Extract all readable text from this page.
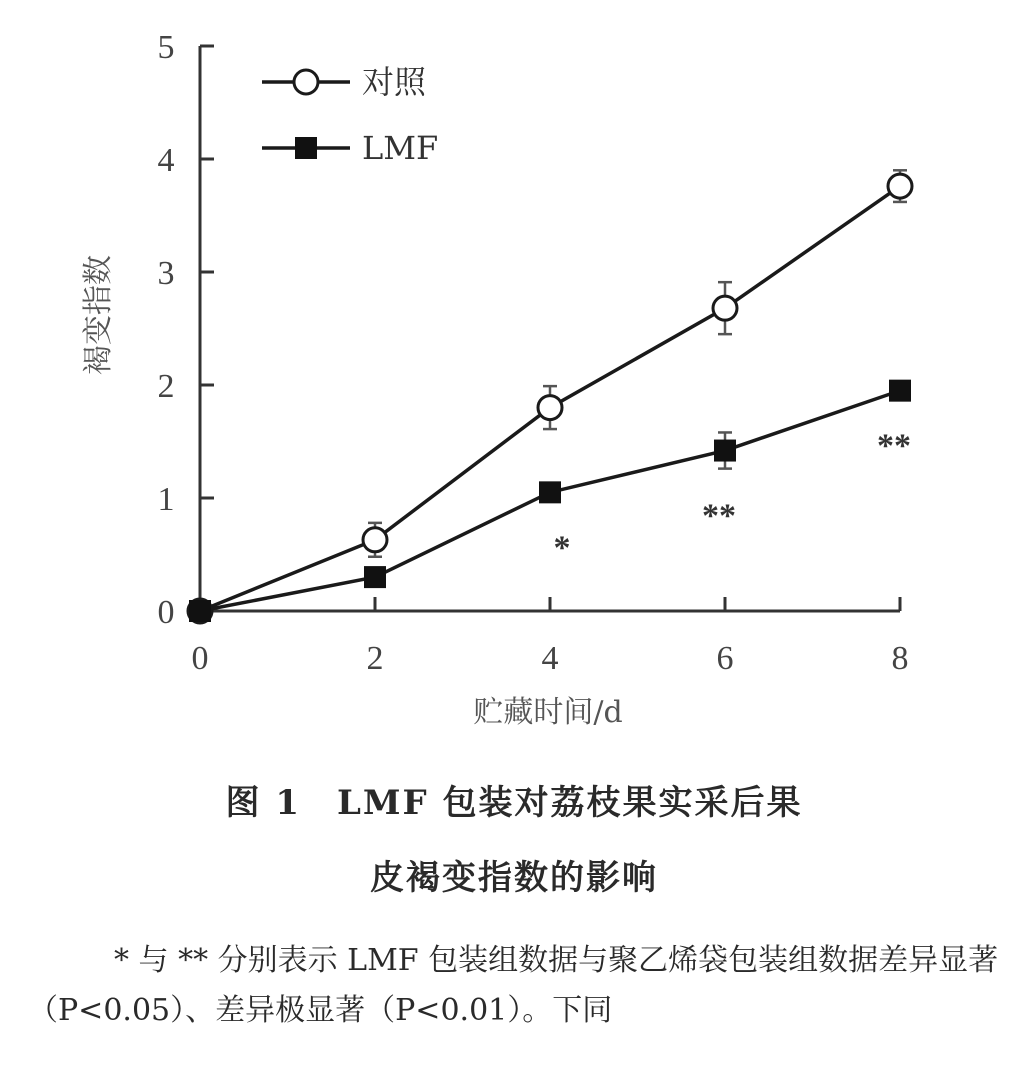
0
1
2
3
4
5
0	2	4	6	8
*
**
**
对照
LMF
贮藏时间/d
褐变指数
图 1　LMF 包装对荔枝果实采后果
皮褐变指数的影响
* 与 ** 分别表示 LMF 包装组数据与聚乙烯袋包装组数据差异显著（P<0.05）、差异极显著（P<0.01）。下同
